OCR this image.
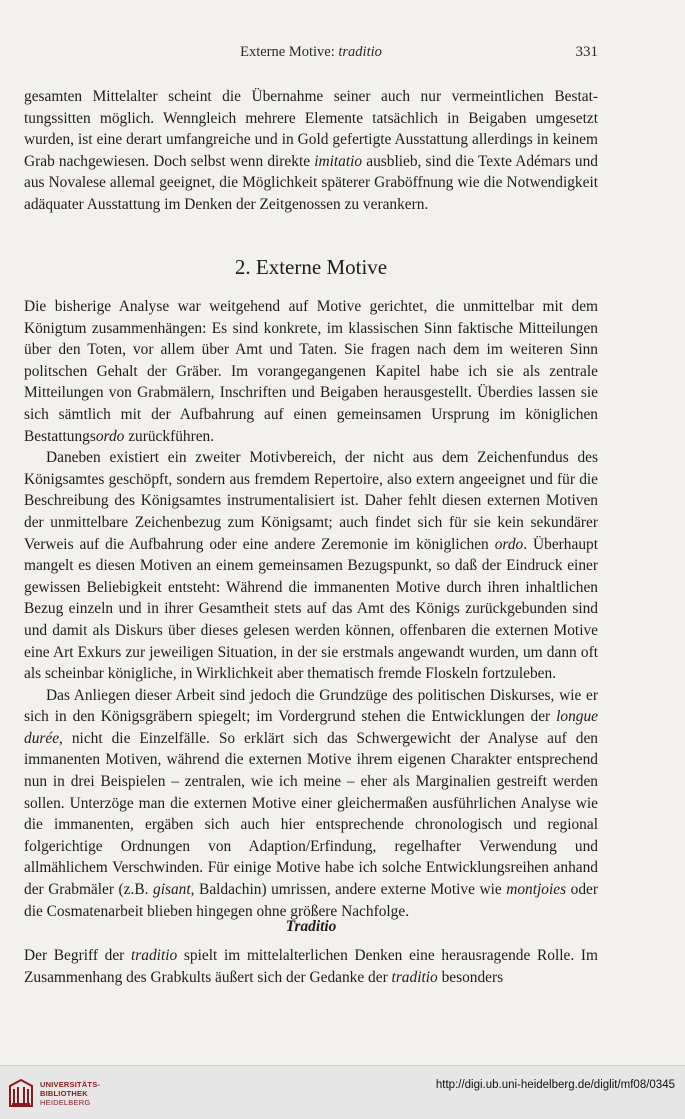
Externe Motive: traditio	331

gesamten Mittelalter scheint die Übernahme seiner auch nur vermeintlichen Bestattungssitten möglich. Wenngleich mehrere Elemente tatsächlich in Beigaben umgesetzt wurden, ist eine derart umfangreiche und in Gold gefertigte Ausstattung allerdings in keinem Grab nachgewiesen. Doch selbst wenn direkte imitatio ausblieb, sind die Texte Adémars und aus Novalese allemal geeignet, die Möglichkeit späterer Graböffnung wie die Notwendigkeit adäquater Ausstattung im Denken der Zeitgenossen zu verankern.

2. Externe Motive

Die bisherige Analyse war weitgehend auf Motive gerichtet, die unmittelbar mit dem Königtum zusammenhängen: Es sind konkrete, im klassischen Sinn faktische Mitteilungen über den Toten, vor allem über Amt und Taten. Sie fragen nach dem im weiteren Sinn politschen Gehalt der Gräber. Im vorangegangenen Kapitel habe ich sie als zentrale Mitteilungen von Grabmälern, Inschriften und Beigaben herausgestellt. Überdies lassen sie sich sämtlich mit der Aufbahrung auf einen gemeinsamen Ursprung im königlichen Bestattungsordo zurückführen.

Daneben existiert ein zweiter Motivbereich, der nicht aus dem Zeichenfundus des Königsamtes geschöpft, sondern aus fremdem Repertoire, also extern angeeignet und für die Beschreibung des Königsamtes instrumentalisiert ist. Daher fehlt diesen externen Motiven der unmittelbare Zeichenbezug zum Königsamt; auch findet sich für sie kein sekundärer Verweis auf die Aufbahrung oder eine andere Zeremonie im königlichen ordo. Überhaupt mangelt es diesen Motiven an einem gemeinsamen Bezugspunkt, so daß der Eindruck einer gewissen Beliebigkeit entsteht: Während die immanenten Motive durch ihren inhaltlichen Bezug einzeln und in ihrer Gesamtheit stets auf das Amt des Königs zurückgebunden sind und damit als Diskurs über dieses gelesen werden können, offenbaren die externen Motive eine Art Exkurs zur jeweiligen Situation, in der sie erstmals angewandt wurden, um dann oft als scheinbar königliche, in Wirklichkeit aber thematisch fremde Floskeln fortzuleben.

Das Anliegen dieser Arbeit sind jedoch die Grundzüge des politischen Diskurses, wie er sich in den Königsgräbern spiegelt; im Vordergrund stehen die Entwicklungen der longue durée, nicht die Einzelfälle. So erklärt sich das Schwergewicht der Analyse auf den immanenten Motiven, während die externen Motive ihrem eigenen Charakter entsprechend nun in drei Beispielen – zentralen, wie ich meine – eher als Marginalien gestreift werden sollen. Unterzöge man die externen Motive einer gleichermaßen ausführlichen Analyse wie die immanenten, ergäben sich auch hier entsprechende chronologisch und regional folgerichtige Ordnungen von Adaption/Erfindung, regelhafter Verwendung und allmählichem Verschwinden. Für einige Motive habe ich solche Entwicklungsreihen anhand der Grabmäler (z.B. gisant, Baldachin) umrissen, andere externe Motive wie montjoies oder die Cosmatenarbeit blieben hingegen ohne größere Nachfolge.

Traditio

Der Begriff der traditio spielt im mittelalterlichen Denken eine herausragende Rolle. Im Zusammenhang des Grabkults äußert sich der Gedanke der traditio besonders

UNIVERSITÄTS-
BIBLIOTHEK
HEIDELBERG
http://digi.ub.uni-heidelberg.de/diglit/mf08/0345
